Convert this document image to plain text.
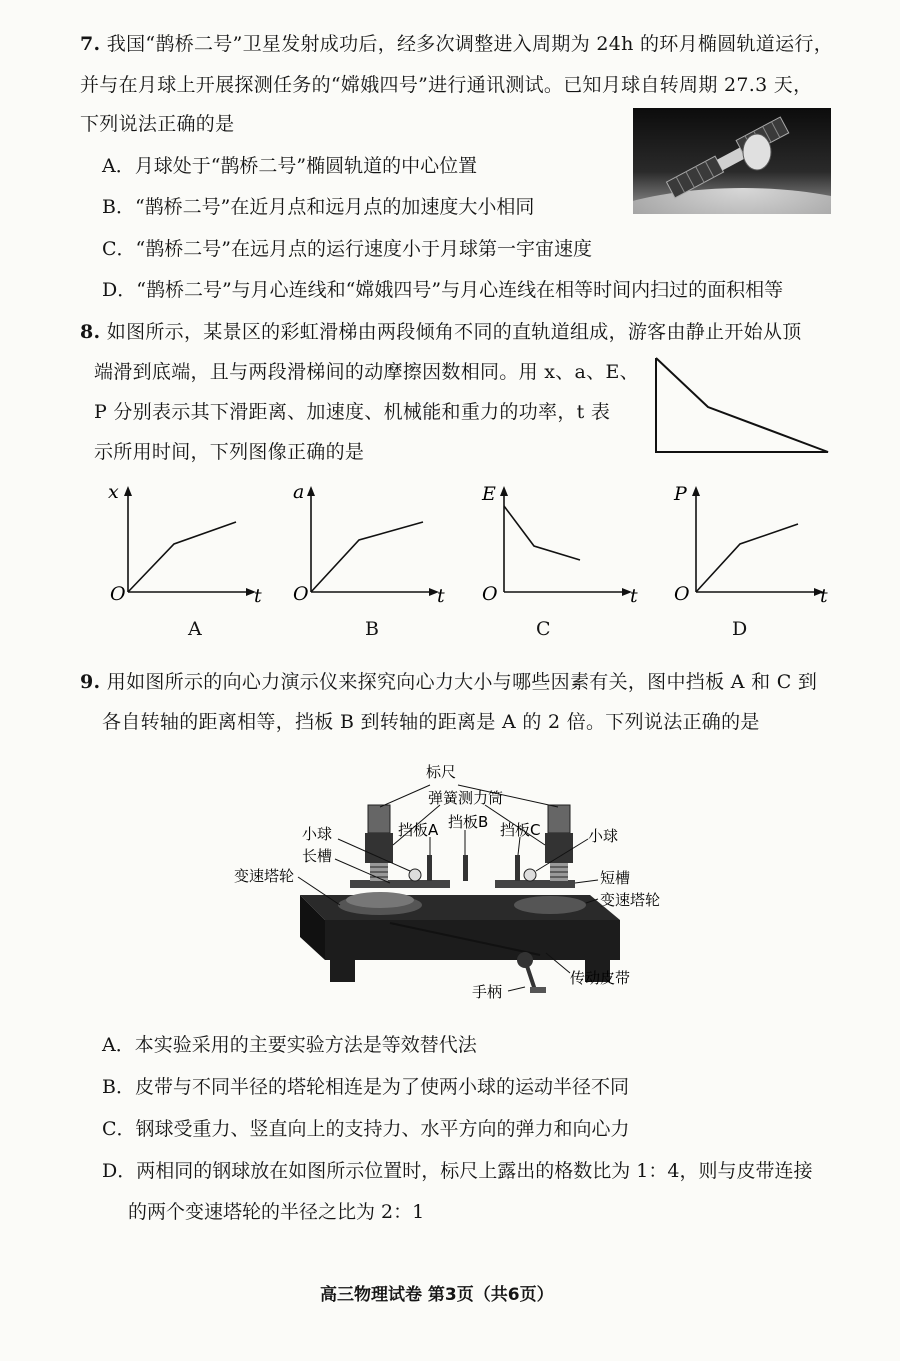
7. 我国“鹊桥二号”卫星发射成功后，经多次调整进入周期为 24h 的环月椭圆轨道运行，
并与在月球上开展探测任务的“嫦娥四号”进行通讯测试。已知月球自转周期 27.3 天，
下列说法正确的是
A．月球处于“鹊桥二号”椭圆轨道的中心位置
B．“鹊桥二号”在近月点和远月点的加速度大小相同
C．“鹊桥二号”在远月点的运行速度小于月球第一宇宙速度
D．“鹊桥二号”与月心连线和“嫦娥四号”与月心连线在相等时间内扫过的面积相等
8. 如图所示，某景区的彩虹滑梯由两段倾角不同的直轨道组成，游客由静止开始从顶
端滑到底端，且与两段滑梯间的动摩擦因数相同。用 x、a、E、
P 分别表示其下滑距离、加速度、机械能和重力的功率，t 表
示所用时间，下列图像正确的是
x
O	t
A
a
O	t
B
E
O	t
C
P
O	t
D
9. 用如图所示的向心力演示仪来探究向心力大小与哪些因素有关，图中挡板 A 和 C 到
各自转轴的距离相等，挡板 B 到转轴的距离是 A 的 2 倍。下列说法正确的是
标尺
弹簧测力筒
小球
长槽
挡板A 挡板B 挡板C	小球
短槽
变速塔轮
变速塔轮
手柄
传动皮带
A．本实验采用的主要实验方法是等效替代法
B．皮带与不同半径的塔轮相连是为了使两小球的运动半径不同
C．钢球受重力、竖直向上的支持力、水平方向的弹力和向心力
D．两相同的钢球放在如图所示位置时，标尺上露出的格数比为 1：4，则与皮带连接
的两个变速塔轮的半径之比为 2：1
高三物理试卷 第3页（共6页）
